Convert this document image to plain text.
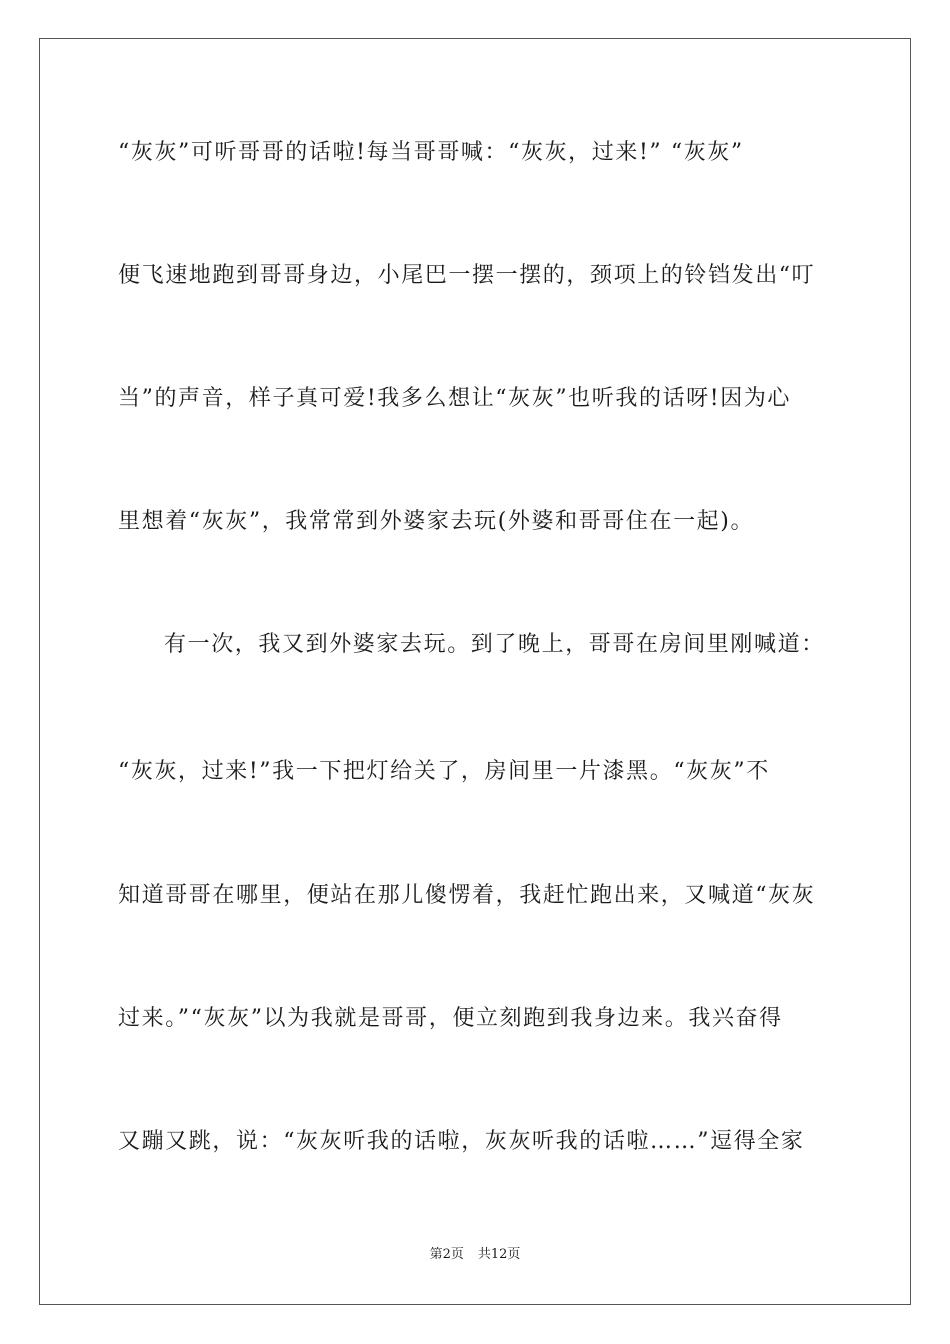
“灰灰”可听哥哥的话啦!每当哥哥喊：“灰灰，过来!” “灰灰”
便飞速地跑到哥哥身边，小尾巴一摆一摆的，颈项上的铃铛发出“叮
当”的声音，样子真可爱!我多么想让“灰灰”也听我的话呀!因为心
里想着“灰灰”，我常常到外婆家去玩(外婆和哥哥住在一起)。
有一次，我又到外婆家去玩。到了晚上，哥哥在房间里刚喊道：
“灰灰，过来!”我一下把灯给关了，房间里一片漆黑。“灰灰”不
知道哥哥在哪里，便站在那儿傻愣着，我赶忙跑出来，又喊道“灰灰
过来。”“灰灰”以为我就是哥哥，便立刻跑到我身边来。我兴奋得
又蹦又跳，说：“灰灰听我的话啦，灰灰听我的话啦……”逗得全家
第2页 共12页
